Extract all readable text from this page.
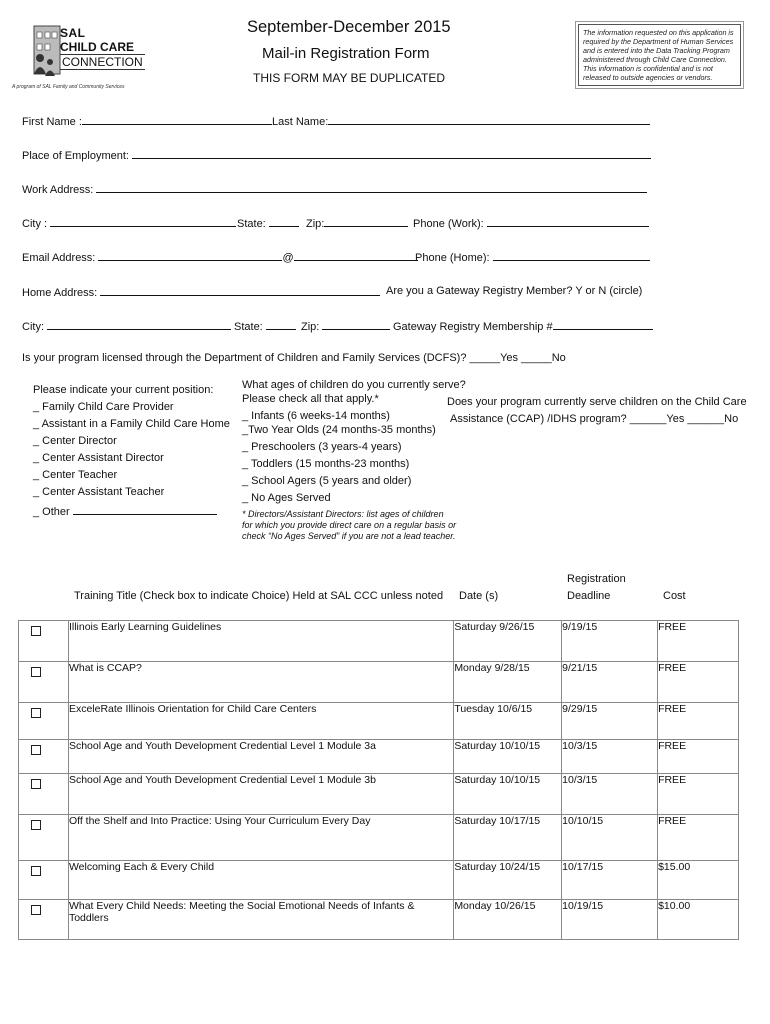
SAL
CHILD CARE
CONNECTION
A program of SAL Family and Community Services
September-December 2015
Mail-in Registration Form
THIS FORM MAY BE DUPLICATED
The information requested on this application is required by the Department of Human Services and is entered into the Data Tracking Program administered through Child Care Connection. This information is confidential and is not released to outside agencies or vendors.
First Name :	Last Name:
Place of Employment:
Work Address:
City :	State:	Zip:	Phone (Work):
Email Address:	@	Phone (Home):
Home Address:	Are you a Gateway Registry Member? Y or N (circle)
City:	State:	Zip:	Gateway Registry Membership #
Is your program licensed through the Department of Children and Family Services (DCFS)? _____Yes _____No
Please indicate your current position:
_ Family Child Care Provider
_ Assistant in a Family Child Care Home
_ Center Director
_ Center Assistant Director
_ Center Teacher
_ Center Assistant Teacher
_ Other
What ages of children do you currently serve?
Please check all that apply.*
_ Infants (6 weeks-14 months)
_Two Year Olds (24 months-35 months)
_ Preschoolers (3 years-4 years)
_ Toddlers (15 months-23 months)
_ School Agers (5 years and older)
_ No Ages Served
* Directors/Assistant Directors: list ages of children
for which you provide direct care on a regular basis or
check “No Ages Served” if you are not a lead teacher.
Does your program currently serve children on the Child Care
Assistance (CCAP) /IDHS program? ______Yes ______No
Training Title (Check box to indicate Choice) Held at SAL CCC unless noted Date (s)
Registration
Deadline	Cost
	Illinois Early Learning Guidelines	Saturday 9/26/15	9/19/15	FREE
	What is CCAP?	Monday 9/28/15	9/21/15	FREE
	ExceleRate Illinois Orientation for Child Care Centers	Tuesday 10/6/15	9/29/15	FREE
	School Age and Youth Development Credential Level 1 Module 3a	Saturday 10/10/15	10/3/15	FREE
	School Age and Youth Development Credential Level 1 Module 3b	Saturday 10/10/15	10/3/15	FREE
	Off the Shelf and Into Practice: Using Your Curriculum Every Day	Saturday 10/17/15	10/10/15	FREE
	Welcoming Each & Every Child	Saturday 10/24/15	10/17/15	$15.00

	What Every Child Needs: Meeting the Social Emotional Needs of Infants &
Toddlers	Monday 10/26/15	10/19/15	$10.00
